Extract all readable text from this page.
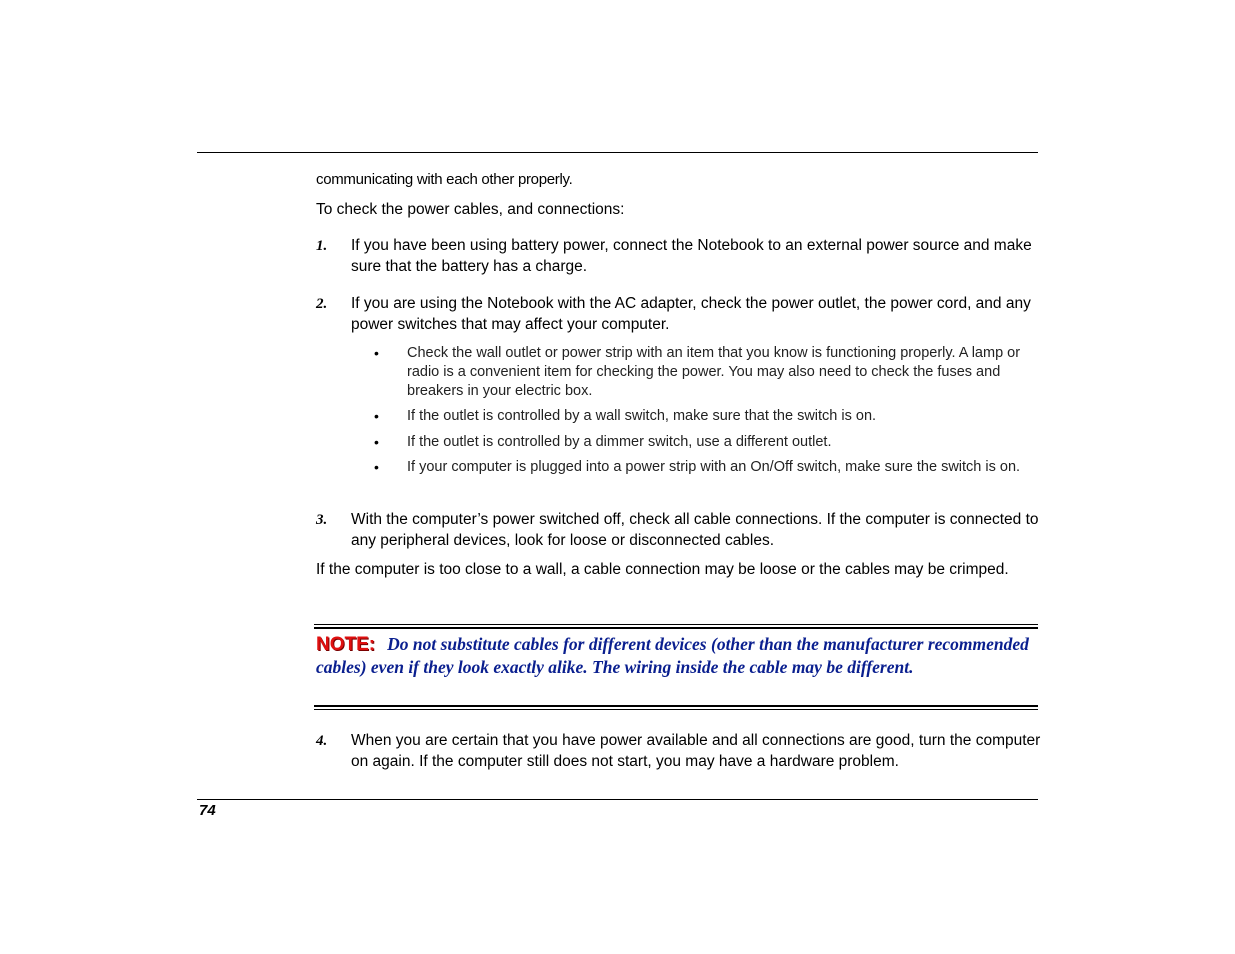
communicating with each other properly.
To check the power cables, and connections:
1. If you have been using battery power, connect the Notebook to an external power source and make sure that the battery has a charge.
2. If you are using the Notebook with the AC adapter, check the power outlet, the power cord, and any power switches that may affect your computer.
• Check the wall outlet or power strip with an item that you know is functioning properly. A lamp or radio is a convenient item for checking the power. You may also need to check the fuses and breakers in your electric box.
• If the outlet is controlled by a wall switch, make sure that the switch is on.
• If the outlet is controlled by a dimmer switch, use a different outlet.
• If your computer is plugged into a power strip with an On/Off switch, make sure the switch is on.
3. With the computer’s power switched off, check all cable connections. If the computer is connected to any peripheral devices, look for loose or disconnected cables.
If the computer is too close to a wall, a cable connection may be loose or the cables may be crimped.
NOTE: Do not substitute cables for different devices (other than the manufacturer recommended cables) even if they look exactly alike. The wiring inside the cable may be different.
4. When you are certain that you have power available and all connections are good, turn the computer on again. If the computer still does not start, you may have a hardware problem.
74
